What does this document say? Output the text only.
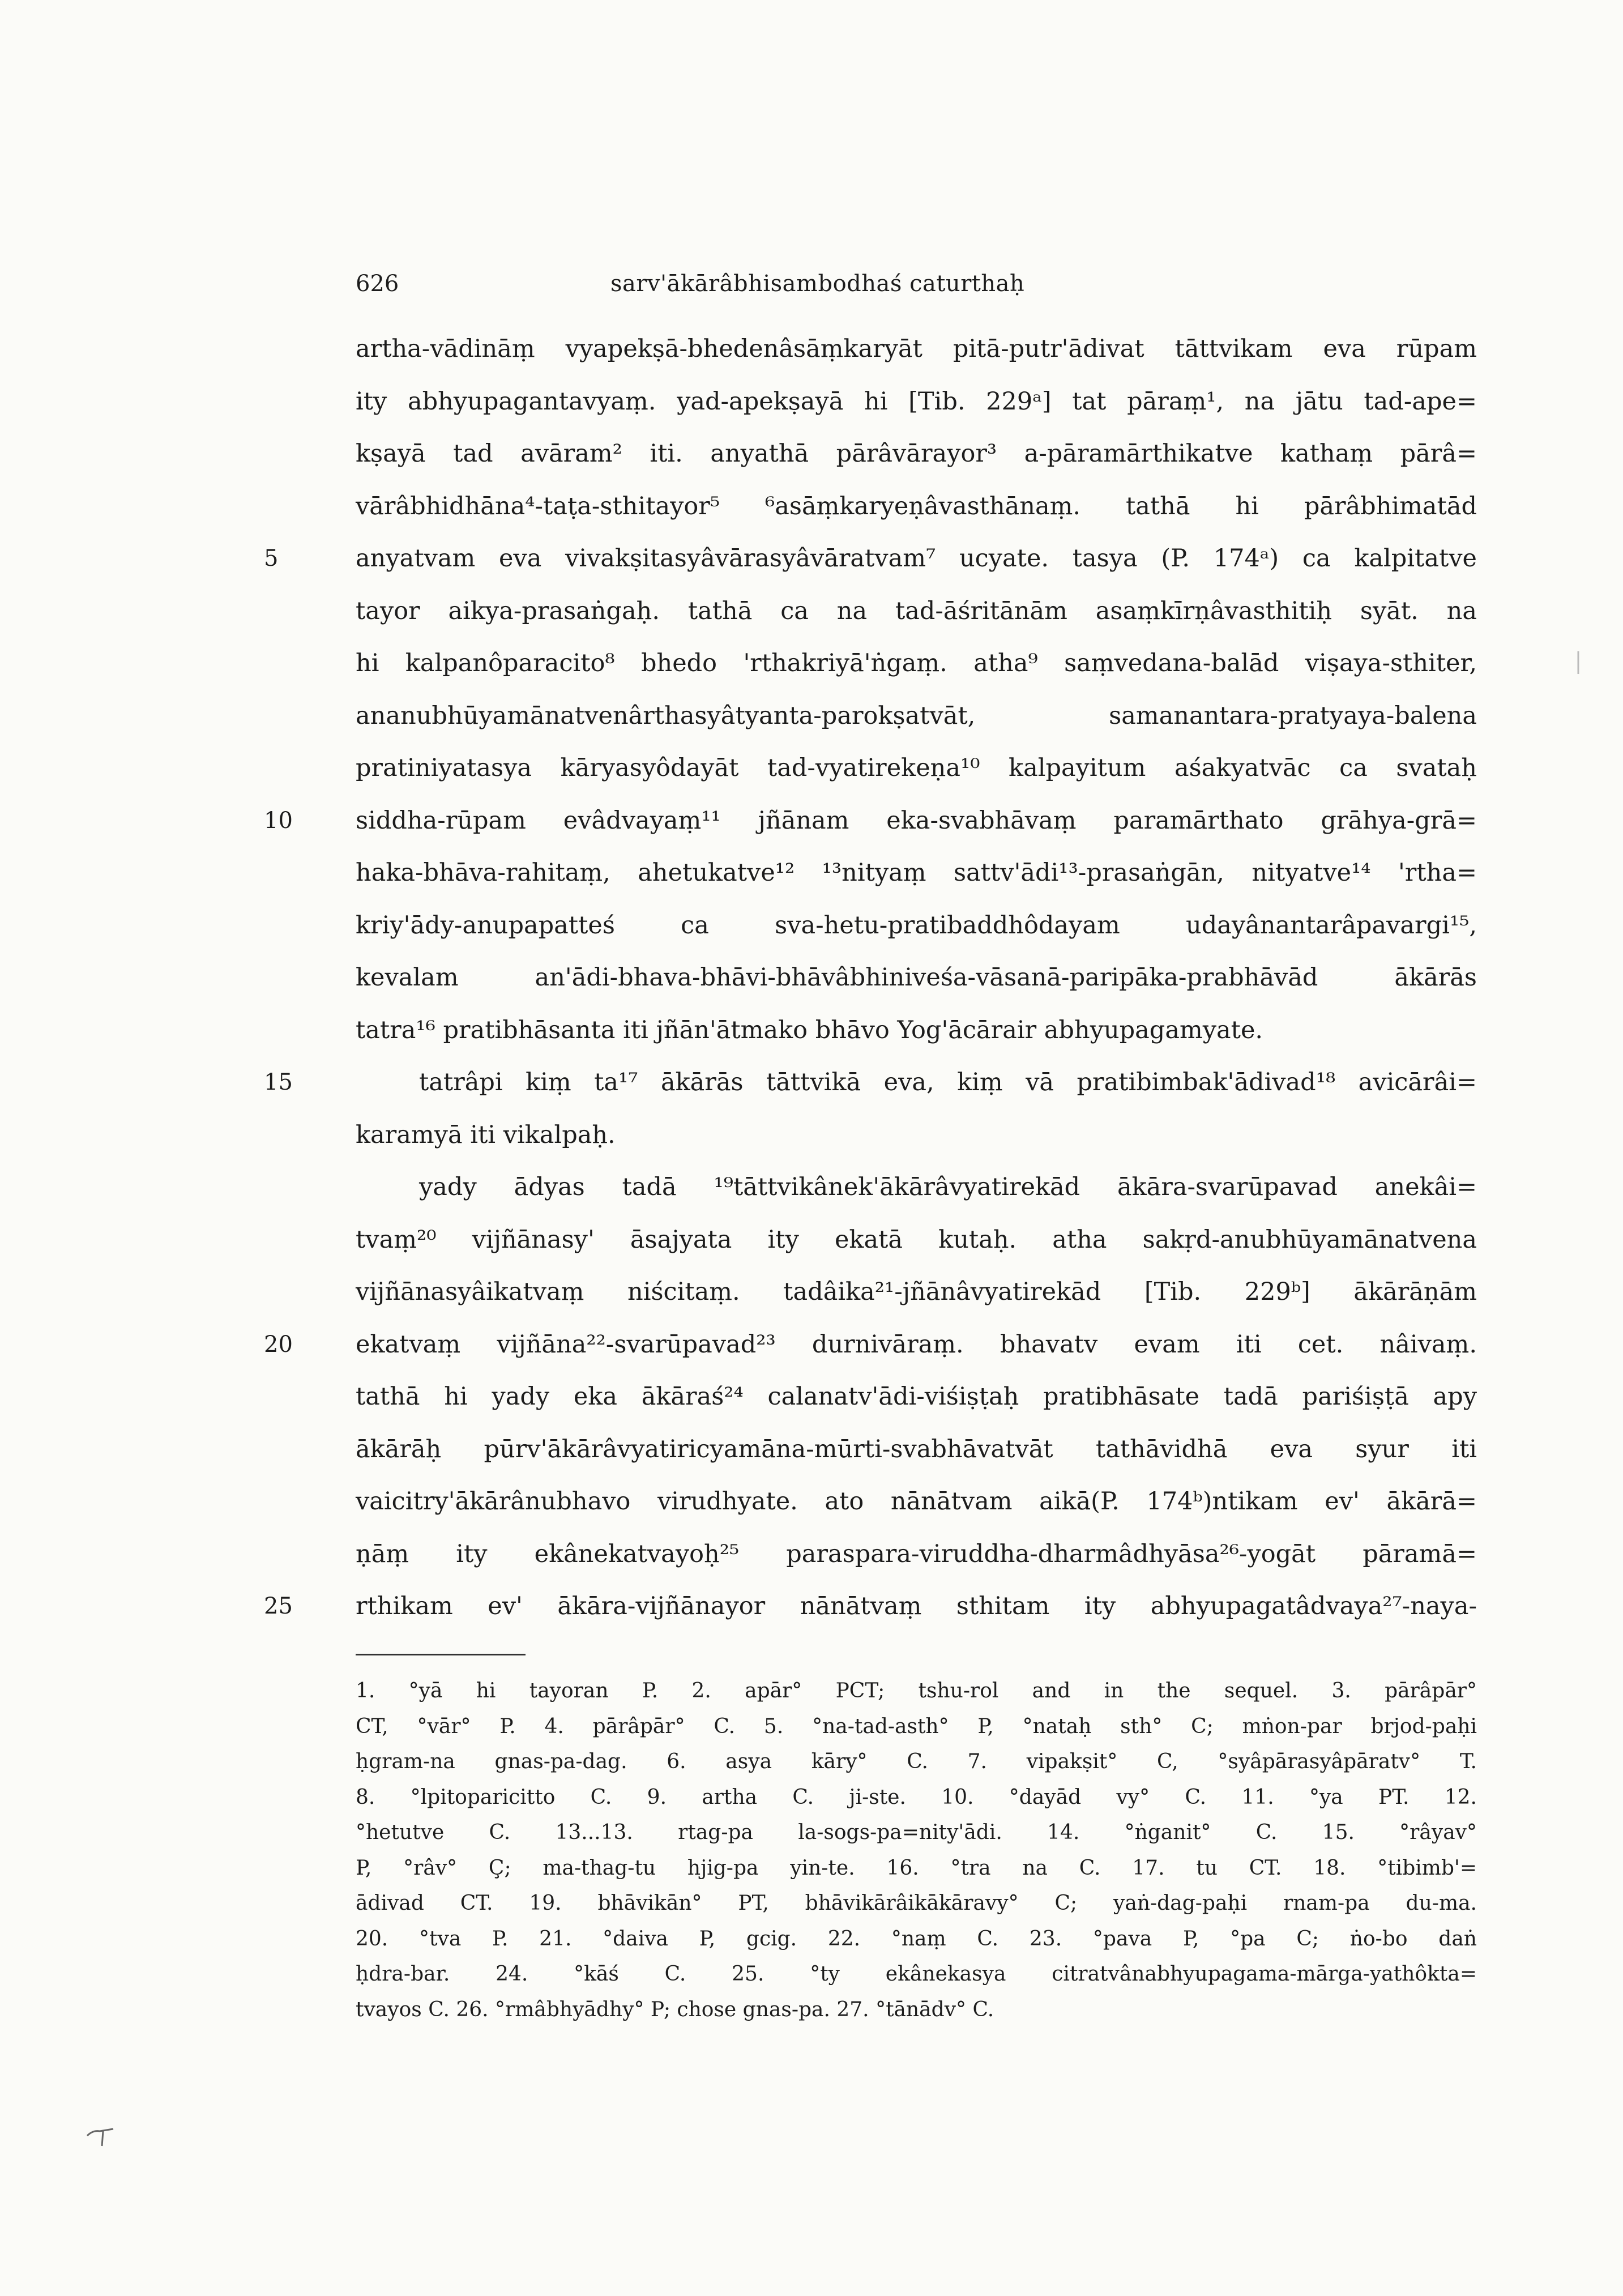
626	sarv'ākārâbhisambodhaś caturthaḥ
artha-vādināṃ vyapekṣā-bhedenâsāṃkaryāt pitā-putr'ādivat tāttvikam eva rūpam
ity abhyupagantavyaṃ. yad-apekṣayā hi [Tib. 229ᵃ] tat pāraṃ¹, na jātu tad-ape=
kṣayā tad avāram² iti. anyathā pārâvārayor³ a-pāramārthikatve kathaṃ pārâ=
vārâbhidhāna⁴-taṭa-sthitayor⁵ ⁶asāṃkaryeṇâvasthānaṃ. tathā hi pārâbhimatād
5	anyatvam eva vivakṣitasyâvārasyâvāratvam⁷ ucyate. tasya (P. 174ᵃ) ca kalpitatve
tayor aikya-prasaṅgaḥ. tathā ca na tad-āśritānām asaṃkīrṇâvasthitiḥ syāt. na
hi kalpanôparacito⁸ bhedo 'rthakriyā'ṅgaṃ. atha⁹ saṃvedana-balād viṣaya-sthiter,
ananubhūyamānatvenârthasyâtyanta-parokṣatvāt, samanantara-pratyaya-balena
pratiniyatasya kāryasyôdayāt tad-vyatirekeṇa¹⁰ kalpayitum aśakyatvāc ca svataḥ
10	siddha-rūpam evâdvayaṃ¹¹ jñānam eka-svabhāvaṃ paramārthato grāhya-grā=
haka-bhāva-rahitaṃ, ahetukatve¹² ¹³nityaṃ sattv'ādi¹³-prasaṅgān, nityatve¹⁴ 'rtha=
kriy'ādy-anupapatteś ca sva-hetu-pratibaddhôdayam udayânantarâpavargi¹⁵,
kevalam an'ādi-bhava-bhāvi-bhāvâbhiniveśa-vāsanā-paripāka-prabhāvād ākārās
tatra¹⁶ pratibhāsanta iti jñān'ātmako bhāvo Yog'ācārair abhyupagamyate.
15	tatrâpi kiṃ ta¹⁷ ākārās tāttvikā eva, kiṃ vā pratibimbak'ādivad¹⁸ avicārâi=
karamyā iti vikalpaḥ.
yady ādyas tadā ¹⁹tāttvikânek'ākārâvyatirekād ākāra-svarūpavad anekâi=
tvaṃ²⁰ vijñānasy' āsajyata ity ekatā kutaḥ. atha sakṛd-anubhūyamānatvena
vijñānasyâikatvaṃ niścitaṃ. tadâika²¹-jñānâvyatirekād [Tib. 229ᵇ] ākārāṇām
20	ekatvaṃ vijñāna²²-svarūpavad²³ durnivāraṃ. bhavatv evam iti cet. nâivaṃ.
tathā hi yady eka ākāraś²⁴ calanatv'ādi-viśiṣṭaḥ pratibhāsate tadā pariśiṣṭā apy
ākārāḥ pūrv'ākārâvyatiricyamāna-mūrti-svabhāvatvāt tathāvidhā eva syur iti
vaicitry'ākārânubhavo virudhyate. ato nānātvam aikā(P. 174ᵇ)ntikam ev' ākārā=
ṇāṃ ity ekânekatvayoḥ²⁵ paraspara-viruddha-dharmâdhyāsa²⁶-yogāt pāramā=
25	rthikam ev' ākāra-vijñānayor nānātvaṃ sthitam ity abhyupagatâdvaya²⁷-naya-
1. °yā hi tayoran P. 2. apār° PCT; tshu-rol and in the sequel. 3. pārâpār°
CT, °vār° P. 4. pārâpār° C. 5. °na-tad-asth° P, °nataḥ sth° C; mṅon-par brjod-paḥi
ḥgram-na gnas-pa-dag. 6. asya kāry° C. 7. vipakṣit° C, °syâpārasyâpāratv° T.
8. °lpitoparicitto C. 9. artha C. ji-ste. 10. °dayād vy° C. 11. °ya PT. 12.
°hetutve C. 13...13. rtag-pa la-sogs-pa=nity'ādi. 14. °ṅganit° C. 15. °râyav°
P, °râv° Ç; ma-thag-tu hjig-pa yin-te. 16. °tra na C. 17. tu CT. 18. °tibimb'=
ādivad CT. 19. bhāvikān° PT, bhāvikārâikākāravy° C; yaṅ-dag-paḥi rnam-pa du-ma.
20. °tva P. 21. °daiva P, gcig. 22. °naṃ C. 23. °pava P, °pa C; ṅo-bo daṅ
ḥdra-bar. 24. °kāś C. 25. °ty ekânekasya citratvânabhyupagama-mārga-yathôkta=
tvayos C. 26. °rmâbhyādhy° P; chose gnas-pa. 27. °tānādv° C.
